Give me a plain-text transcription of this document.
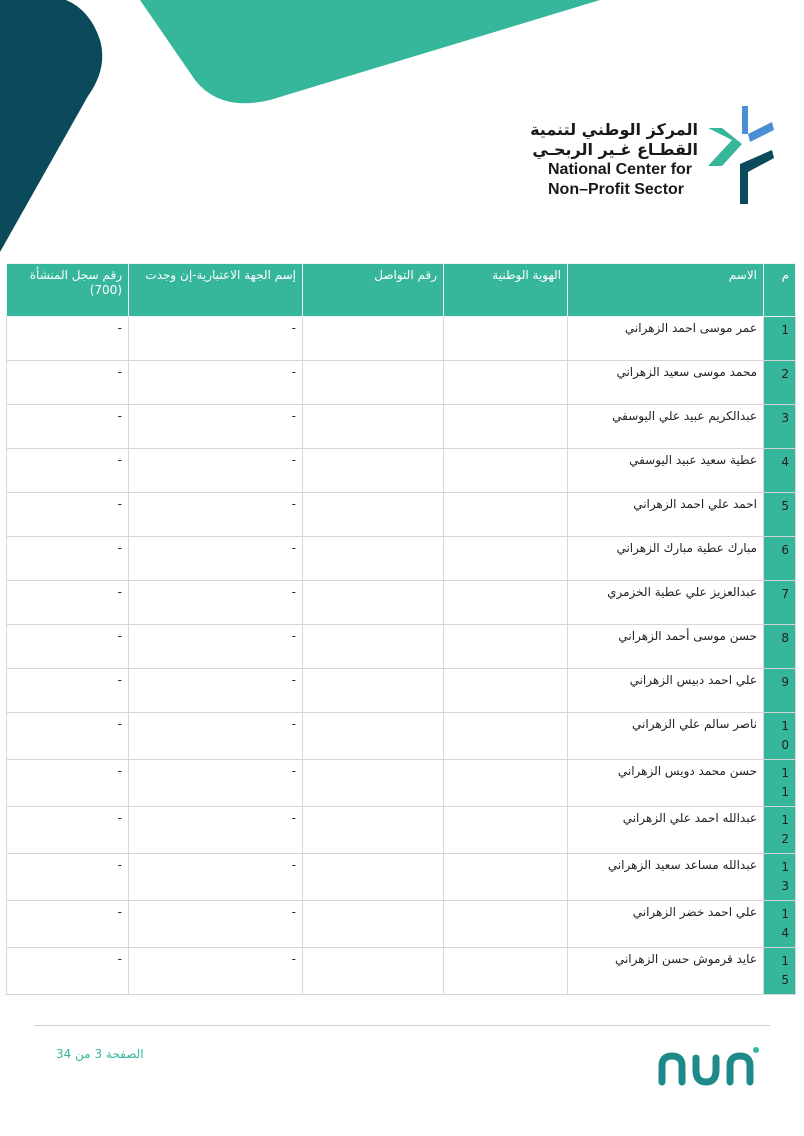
المركز الوطني لتنمية
القطـاع غـير الربحـي
National Center for
Non–Profit Sector
م	الاسم	الهوية الوطنية	رقم التواصل	إسم الجهة الاعتبارية-إن وجدت	رقم سجل المنشأة (700)
1	عمر موسى احمد الزهراني			-	-
2	محمد موسى سعيد الزهراني			-	-
3	عبدالكريم عبيد علي اليوسفي			-	-
4	عطية سعيد عبيد اليوسفي			-	-
5	احمد علي احمد الزهراني			-	-
6	مبارك عطية مبارك الزهراني			-	-
7	عبدالعزيز علي عطية الخزمري			-	-
8	حسن موسى أحمد الزهراني			-	-
9	علي احمد دبيس الزهراني			-	-
10	ناصر سالم علي الزهراني			-	-
11	حسن محمد دويس الزهراني			-	-
12	عبدالله احمد علي الزهراني			-	-
13	عبدالله مساعد سعيد الزهراني			-	-
14	علي احمد خضر الزهراني			-	-
15	عايد قرموش حسن الزهراني			-	-
الصفحة 3 من 34
